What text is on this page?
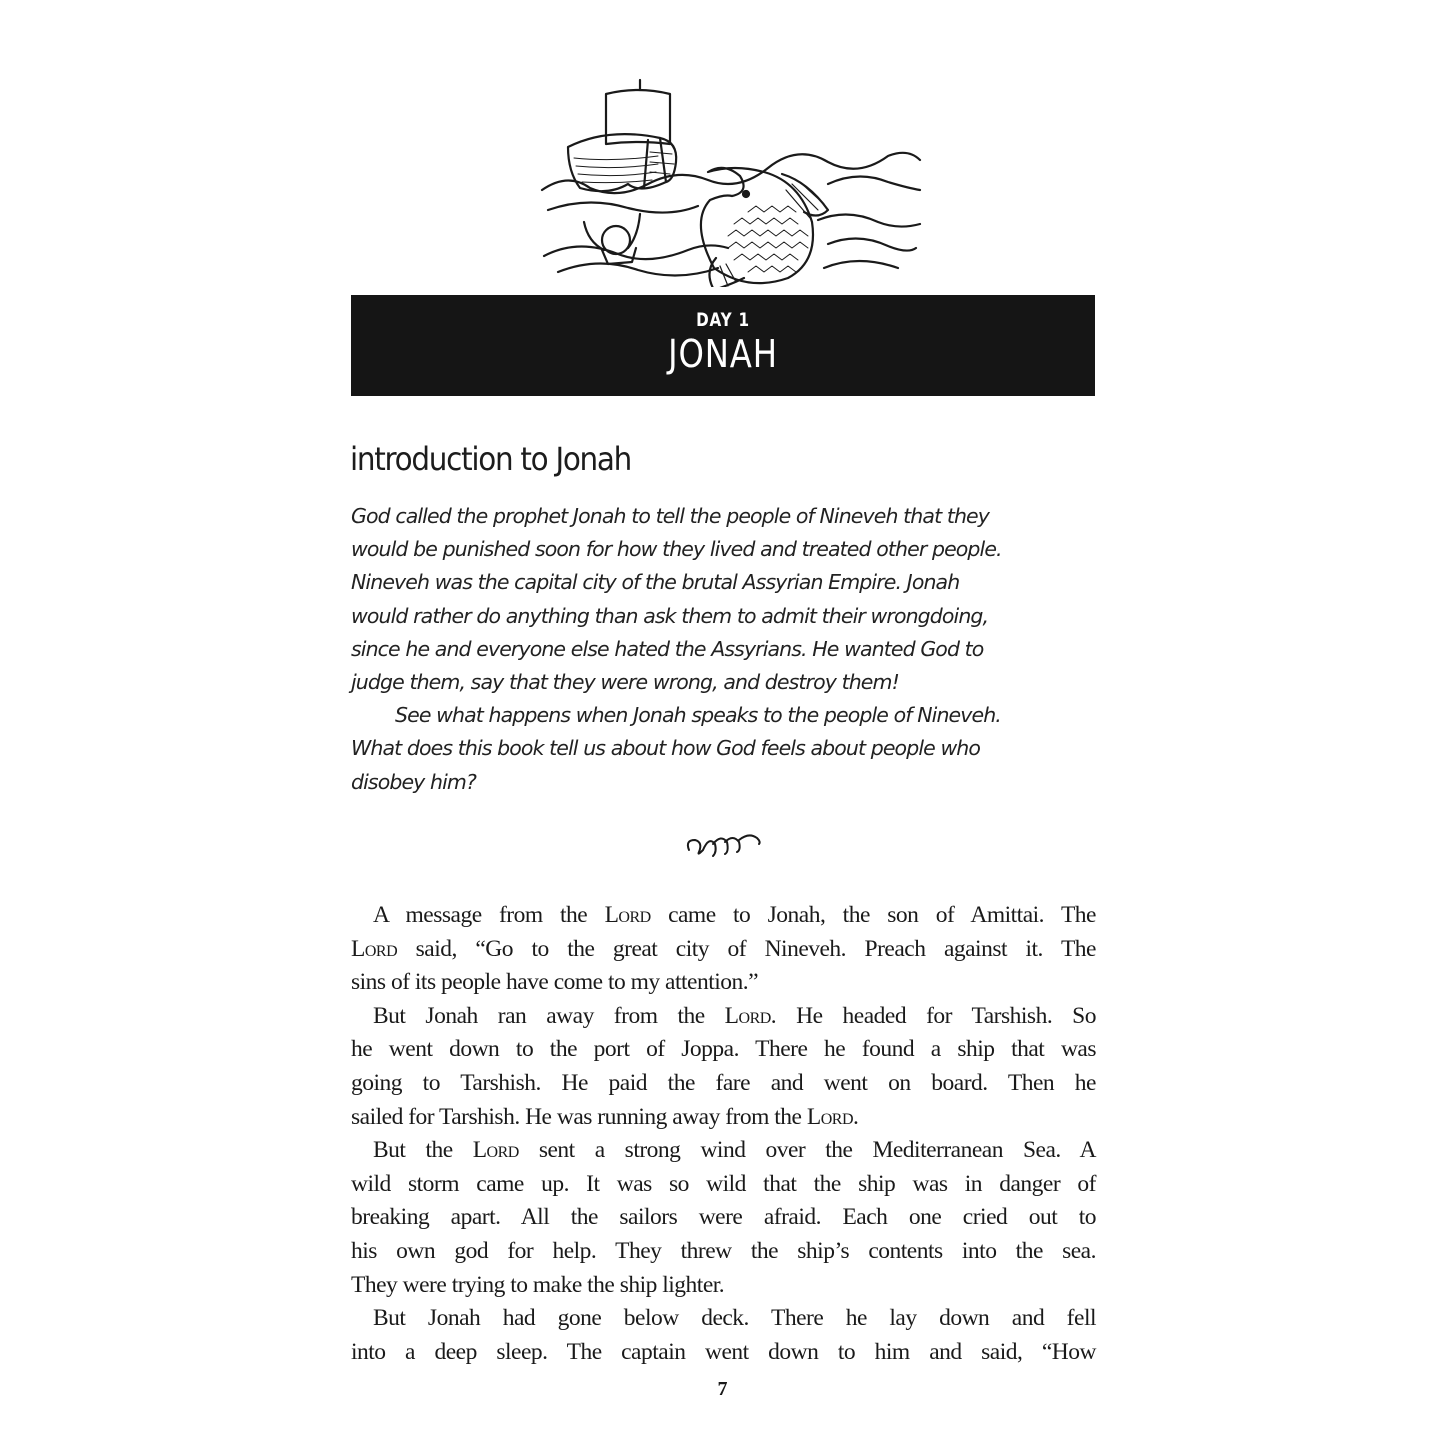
DAY 1
JONAH
introduction to Jonah

God called the prophet Jonah to tell the people of Nineveh that they
would be punished soon for how they lived and treated other people.
Nineveh was the capital city of the brutal Assyrian Empire. Jonah
would rather do anything than ask them to admit their wrongdoing,
since he and everyone else hated the Assyrians. He wanted God to
judge them, say that they were wrong, and destroy them!

See what happens when Jonah speaks to the people of Nineveh.
What does this book tell us about how God feels about people who
disobey him?

A message from the Lord came to Jonah, the son of Amittai. The
Lord said, “Go to the great city of Nineveh. Preach against it. The
sins of its people have come to my attention.”
But Jonah ran away from the Lord. He headed for Tarshish. So
he went down to the port of Joppa. There he found a ship that was
going to Tarshish. He paid the fare and went on board. Then he
sailed for Tarshish. He was running away from the Lord.
But the Lord sent a strong wind over the Mediterranean Sea. A
wild storm came up. It was so wild that the ship was in danger of
breaking apart. All the sailors were afraid. Each one cried out to
his own god for help. They threw the ship’s contents into the sea.
They were trying to make the ship lighter.
But Jonah had gone below deck. There he lay down and fell
into a deep sleep. The captain went down to him and said, “How
7
